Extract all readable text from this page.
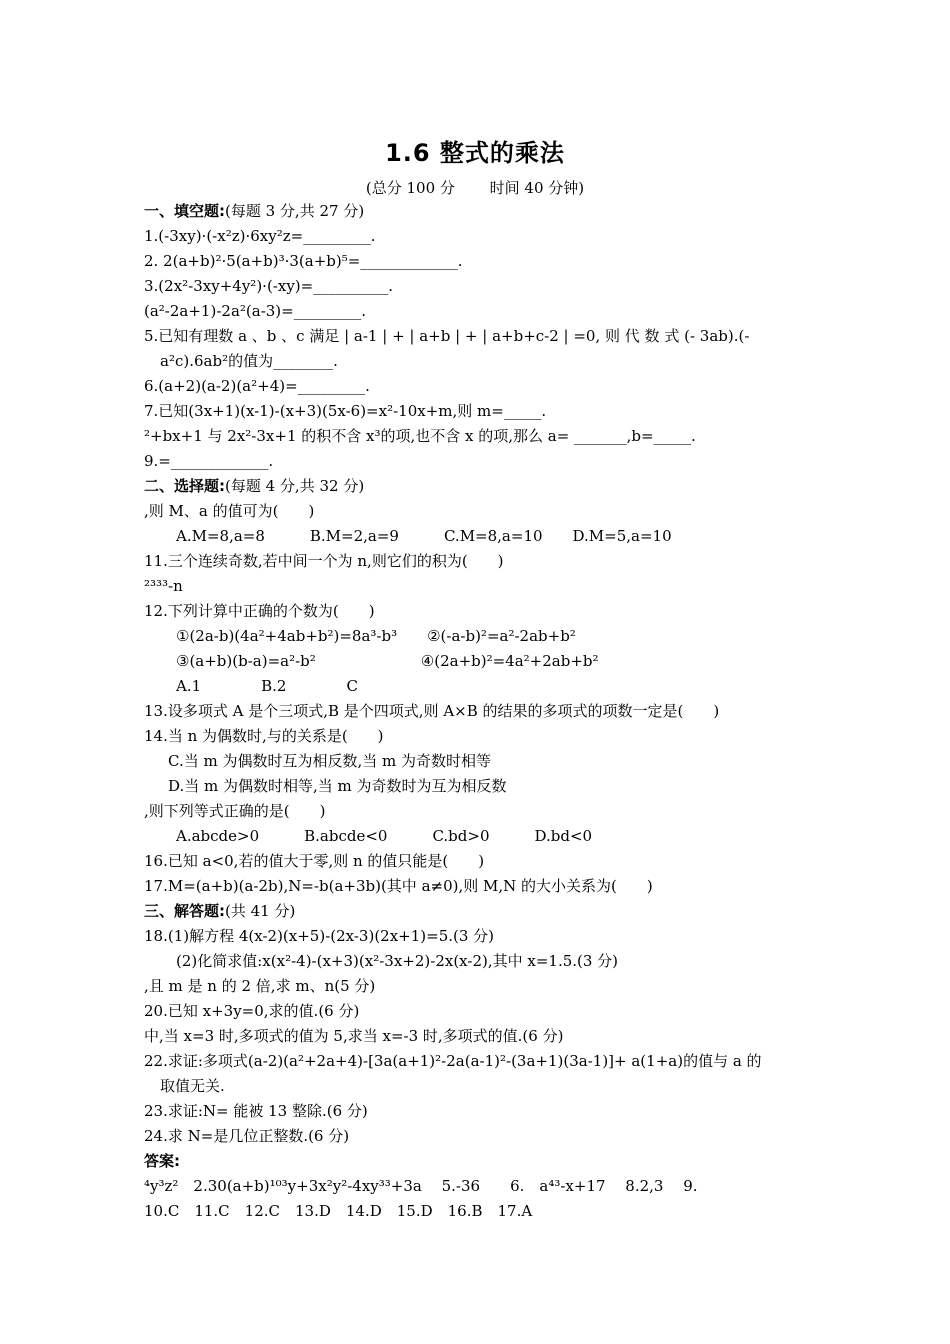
1.6 整式的乘法
(总分 100 分　　 时间 40 分钟)
一、填空题:(每题 3 分,共 27 分)
1.(-3xy)·(-x²z)·6xy²z=_________.
2. 2(a+b)²·5(a+b)³·3(a+b)⁵=_____________.
3.(2x²-3xy+4y²)·(-xy)=__________.
(a²-2a+1)-2a²(a-3)=_________.
5.已知有理数 a 、b 、c 满足 | a-1 | + | a+b | + | a+b+c-2 | =0, 则 代 数 式 (- 3ab).(-
a²c).6ab²的值为________.
6.(a+2)(a-2)(a²+4)=_________.
7.已知(3x+1)(x-1)-(x+3)(5x-6)=x²-10x+m,则 m=_____.
²+bx+1 与 2x²-3x+1 的积不含 x³的项,也不含 x 的项,那么 a= _______,b=_____.
9.=_____________.
二、选择题:(每题 4 分,共 32 分)
,则 M、a 的值可为(　　)
A.M=8,a=8　　　B.M=2,a=9　　　C.M=8,a=10　　D.M=5,a=10
11.三个连续奇数,若中间一个为 n,则它们的积为(　　)
²³³³-n
12.下列计算中正确的个数为(　　)
①(2a-b)(4a²+4ab+b²)=8a³-b³　　②(-a-b)²=a²-2ab+b²
③(a+b)(b-a)=a²-b²　　　　　　　④(2a+b)²=4a²+2ab+b²
A.1　　　　B.2　　　　C
13.设多项式 A 是个三项式,B 是个四项式,则 A×B 的结果的多项式的项数一定是(　　)
14.当 n 为偶数时,与的关系是(　　)
C.当 m 为偶数时互为相反数,当 m 为奇数时相等
D.当 m 为偶数时相等,当 m 为奇数时为互为相反数
,则下列等式正确的是(　　)
A.abcde>0　　　B.abcde<0　　　C.bd>0　　　D.bd<0
16.已知 a<0,若的值大于零,则 n 的值只能是(　　)
17.M=(a+b)(a-2b),N=-b(a+3b)(其中 a≠0),则 M,N 的大小关系为(　　)
三、解答题:(共 41 分)
18.(1)解方程 4(x-2)(x+5)-(2x-3)(2x+1)=5.(3 分)
(2)化简求值:x(x²-4)-(x+3)(x²-3x+2)-2x(x-2),其中 x=1.5.(3 分)
,且 m 是 n 的 2 倍,求 m、n(5 分)
20.已知 x+3y=0,求的值.(6 分)
中,当 x=3 时,多项式的值为 5,求当 x=-3 时,多项式的值.(6 分)
22.求证:多项式(a-2)(a²+2a+4)-[3a(a+1)²-2a(a-1)²-(3a+1)(3a-1)]+ a(1+a)的值与 a 的
取值无关.
23.求证:N= 能被 13 整除.(6 分)
24.求 N=是几位正整数.(6 分)
答案:
⁴y³z²　2.30(a+b)¹⁰³y+3x²y²-4xy³³+3a　 5.-36　　6.　a⁴³-x+17　 8.2,3　 9.
10.C　11.C　12.C　13.D　14.D　15.D　16.B　17.A
